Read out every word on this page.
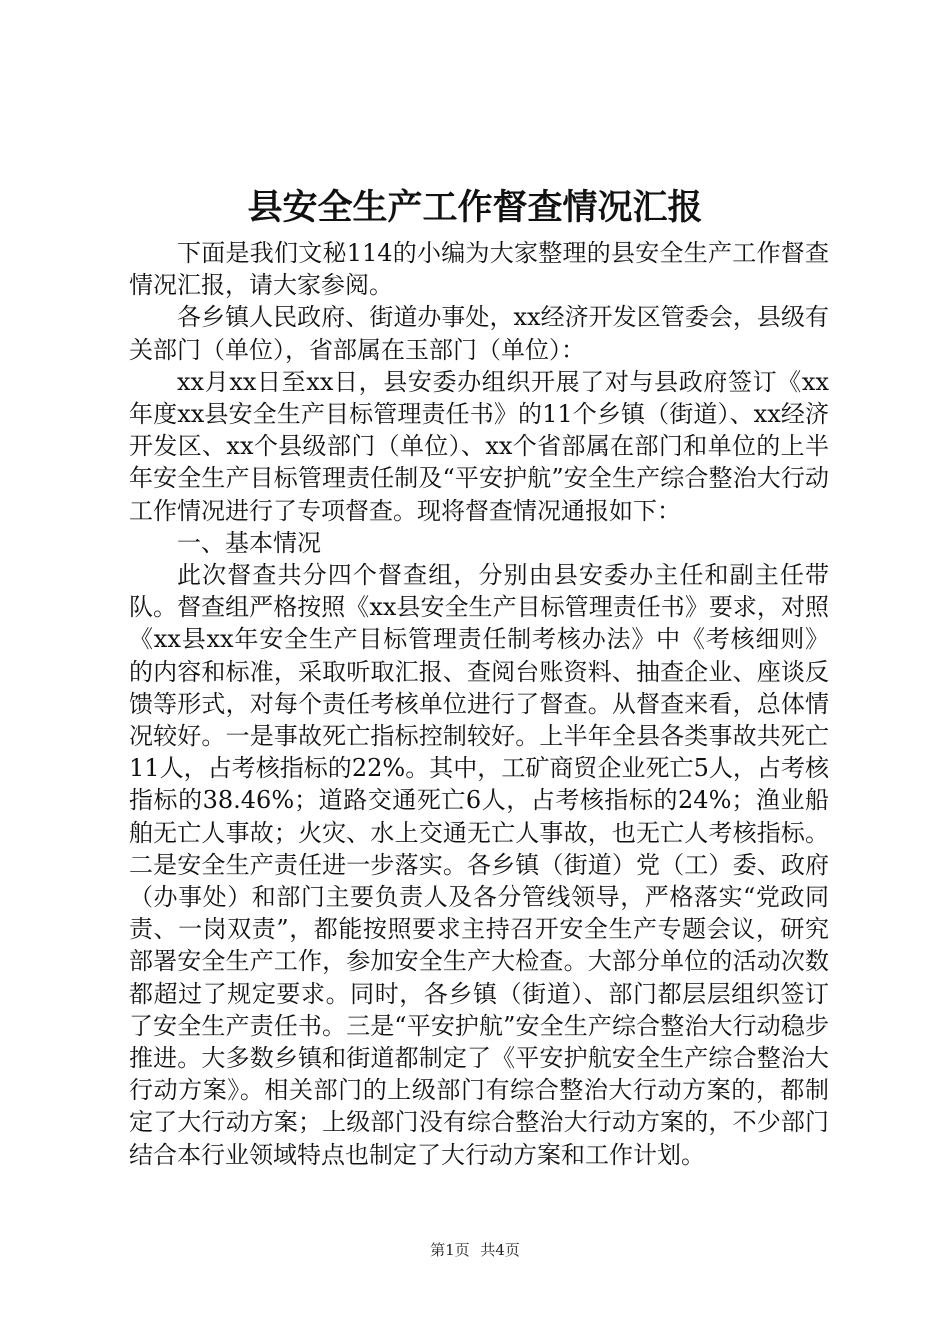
县安全生产工作督查情况汇报

下面是我们文秘114的小编为大家整理的县安全生产工作督查情况汇报，请大家参阅。

各乡镇人民政府、街道办事处，xx经济开发区管委会，县级有关部门（单位），省部属在玉部门（单位）：

xx月xx日至xx日，县安委办组织开展了对与县政府签订《xx年度xx县安全生产目标管理责任书》的11个乡镇（街道）、xx经济开发区、xx个县级部门（单位）、xx个省部属在部门和单位的上半年安全生产目标管理责任制及“平安护航”安全生产综合整治大行动工作情况进行了专项督查。现将督查情况通报如下：

一、基本情况

此次督查共分四个督查组，分别由县安委办主任和副主任带队。督查组严格按照《xx县安全生产目标管理责任书》要求，对照《xx县xx年安全生产目标管理责任制考核办法》中《考核细则》的内容和标准，采取听取汇报、查阅台账资料、抽查企业、座谈反馈等形式，对每个责任考核单位进行了督查。从督查来看，总体情况较好。一是事故死亡指标控制较好。上半年全县各类事故共死亡11人，占考核指标的22%。其中，工矿商贸企业死亡5人，占考核指标的38.46%；道路交通死亡6人，占考核指标的24%；渔业船舶无亡人事故；火灾、水上交通无亡人事故，也无亡人考核指标。二是安全生产责任进一步落实。各乡镇（街道）党（工）委、政府（办事处）和部门主要负责人及各分管线领导，严格落实“党政同责、一岗双责”，都能按照要求主持召开安全生产专题会议，研究部署安全生产工作，参加安全生产大检查。大部分单位的活动次数都超过了规定要求。同时，各乡镇（街道）、部门都层层组织签订了安全生产责任书。三是“平安护航”安全生产综合整治大行动稳步推进。大多数乡镇和街道都制定了《平安护航安全生产综合整治大行动方案》。相关部门的上级部门有综合整治大行动方案的，都制定了大行动方案；上级部门没有综合整治大行动方案的，不少部门结合本行业领域特点也制定了大行动方案和工作计划。

第1页 共4页
